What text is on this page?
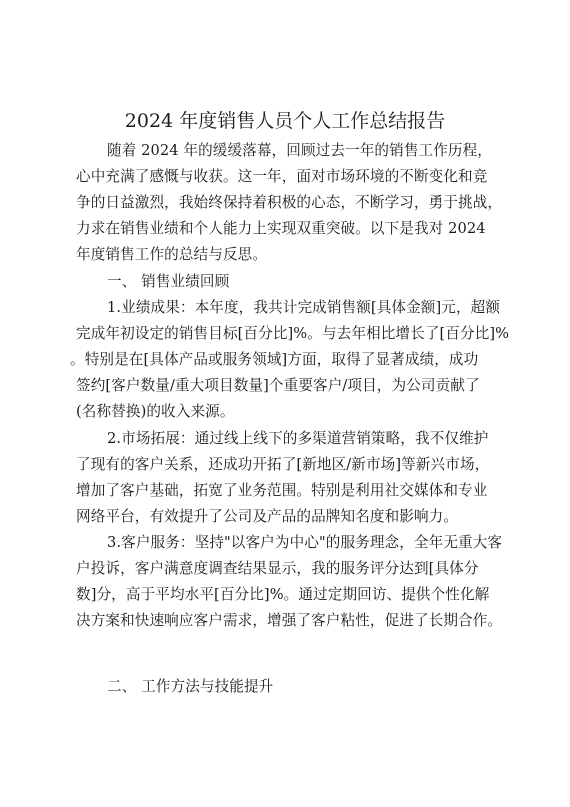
2024 年度销售人员个人工作总结报告
随着 2024 年的缓缓落幕，回顾过去一年的销售工作历程，
心中充满了感慨与收获。这一年，面对市场环境的不断变化和竞
争的日益激烈，我始终保持着积极的心态，不断学习，勇于挑战，
力求在销售业绩和个人能力上实现双重突破。以下是我对 2024
年度销售工作的总结与反思。
一、 销售业绩回顾
1.业绩成果：本年度，我共计完成销售额[具体金额]元，超额
完成年初设定的销售目标[百分比]%。与去年相比增长了[百分比]%
。特别是在[具体产品或服务领域]方面，取得了显著成绩，成功
签约[客户数量/重大项目数量]个重要客户/项目，为公司贡献了
(名称替换)的收入来源。
2.市场拓展：通过线上线下的多渠道营销策略，我不仅维护
了现有的客户关系，还成功开拓了[新地区/新市场]等新兴市场，
增加了客户基础，拓宽了业务范围。特别是利用社交媒体和专业
网络平台，有效提升了公司及产品的品牌知名度和影响力。
3.客户服务：坚持"以客户为中心"的服务理念，全年无重大客
户投诉，客户满意度调查结果显示，我的服务评分达到[具体分
数]分，高于平均水平[百分比]%。通过定期回访、提供个性化解
决方案和快速响应客户需求，增强了客户粘性，促进了长期合作。
二、 工作方法与技能提升
